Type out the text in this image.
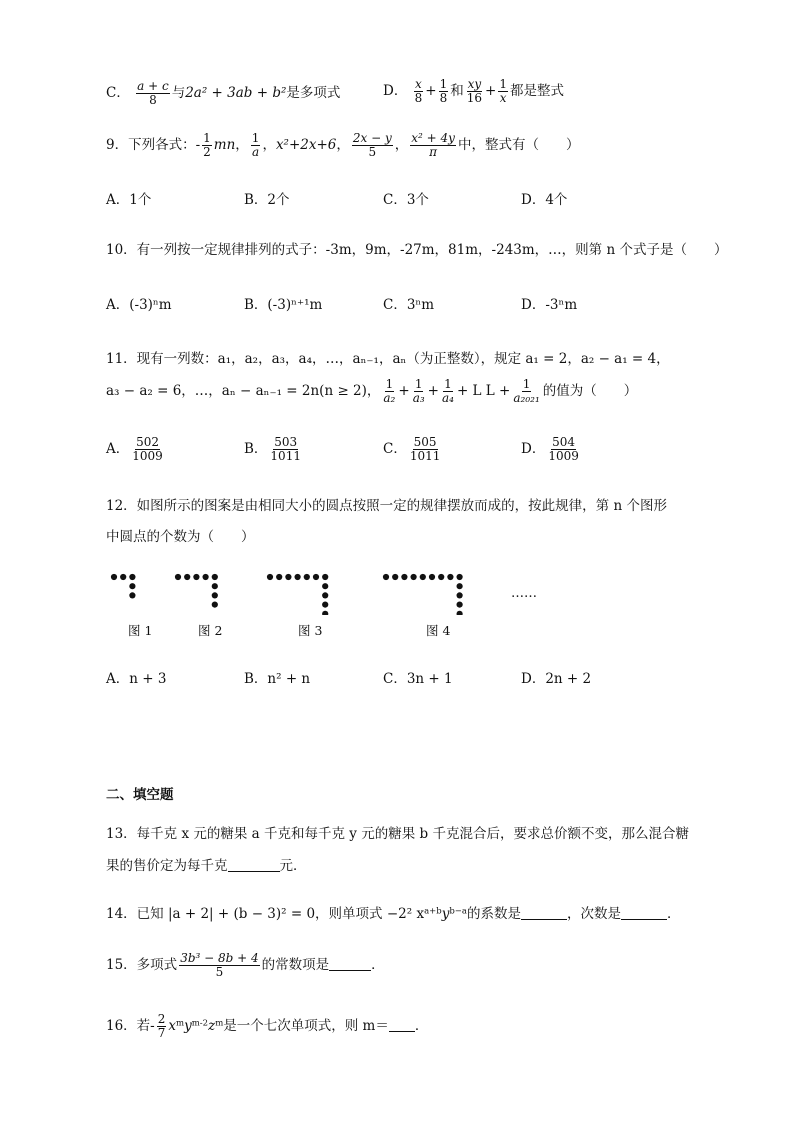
C． $\frac{a + c}{8}$ 与2a² + 3ab + b²是多项式	D． $\frac{x}{8} + \frac{1}{8}$ 和 $\frac{xy}{16} + \frac{1}{x}$ 都是整式
9．下列各式：- $\frac{1}{2}$ mn， $\frac{1}{a}$ ，x²+2x+6， $\frac{2x - y}{5}$ ， $\frac{\text{x² + 4y}}{\pi}$ 中，整式有（　　）
A．1个	B．2个	C．3个	D．4个
10．有一列按一定规律排列的式子：-3m，9m，-27m，81m，-243m，…，则第 n 个式子是（　　）
A．(-3)ⁿm	B．(-3)ⁿ⁺¹m	C．3ⁿm	D．-3ⁿm
11．现有一列数：a₁，a₂，a₃，a₄，…，aₙ₋₁，aₙ（为正整数），规定 a₁ = 2，a₂ − a₁ = 4，
a₃ − a₂ = 6，…，aₙ − aₙ₋₁ = 2n(n ≥ 2)， $\frac{1}{\text{a₂}} + \frac{1}{\text{a₃}} + \frac{1}{\text{a₄}} + L$ $L + \frac{1}{\text{a₂₀₂₁}}$ 的值为（　　）
A． $\frac{502}{1009}$	B． $\frac{503}{1011}$	C． $\frac{505}{1011}$	D． $\frac{504}{1009}$
12．如图所示的图案是由相同大小的圆点按照一定的规律摆放而成的，按此规律，第 n 个图形
中圆点的个数为（　　）
……
图 1	图 2	图 3	图 4
A．n + 3	B．n² + n	C．3n + 1	D．2n + 2
二、填空题
13．每千克 x 元的糖果 a 千克和每千克 y 元的糖果 b 千克混合后，要求总价额不变，那么混合糖
果的售价定为每千克	元．
14．已知 |a + 2| + (b − 3)² = 0，则单项式 −2² $x^{a+b}y^{b-a}$的系数是	，次数是	．
15．多项式 $\frac{\text{3b³ − 8b + 4}}{5}$ 的常数项是	．
16．若- $\frac{2}{7} x^my^{m-2}z^m$是一个七次单项式，则 m＝ ．
